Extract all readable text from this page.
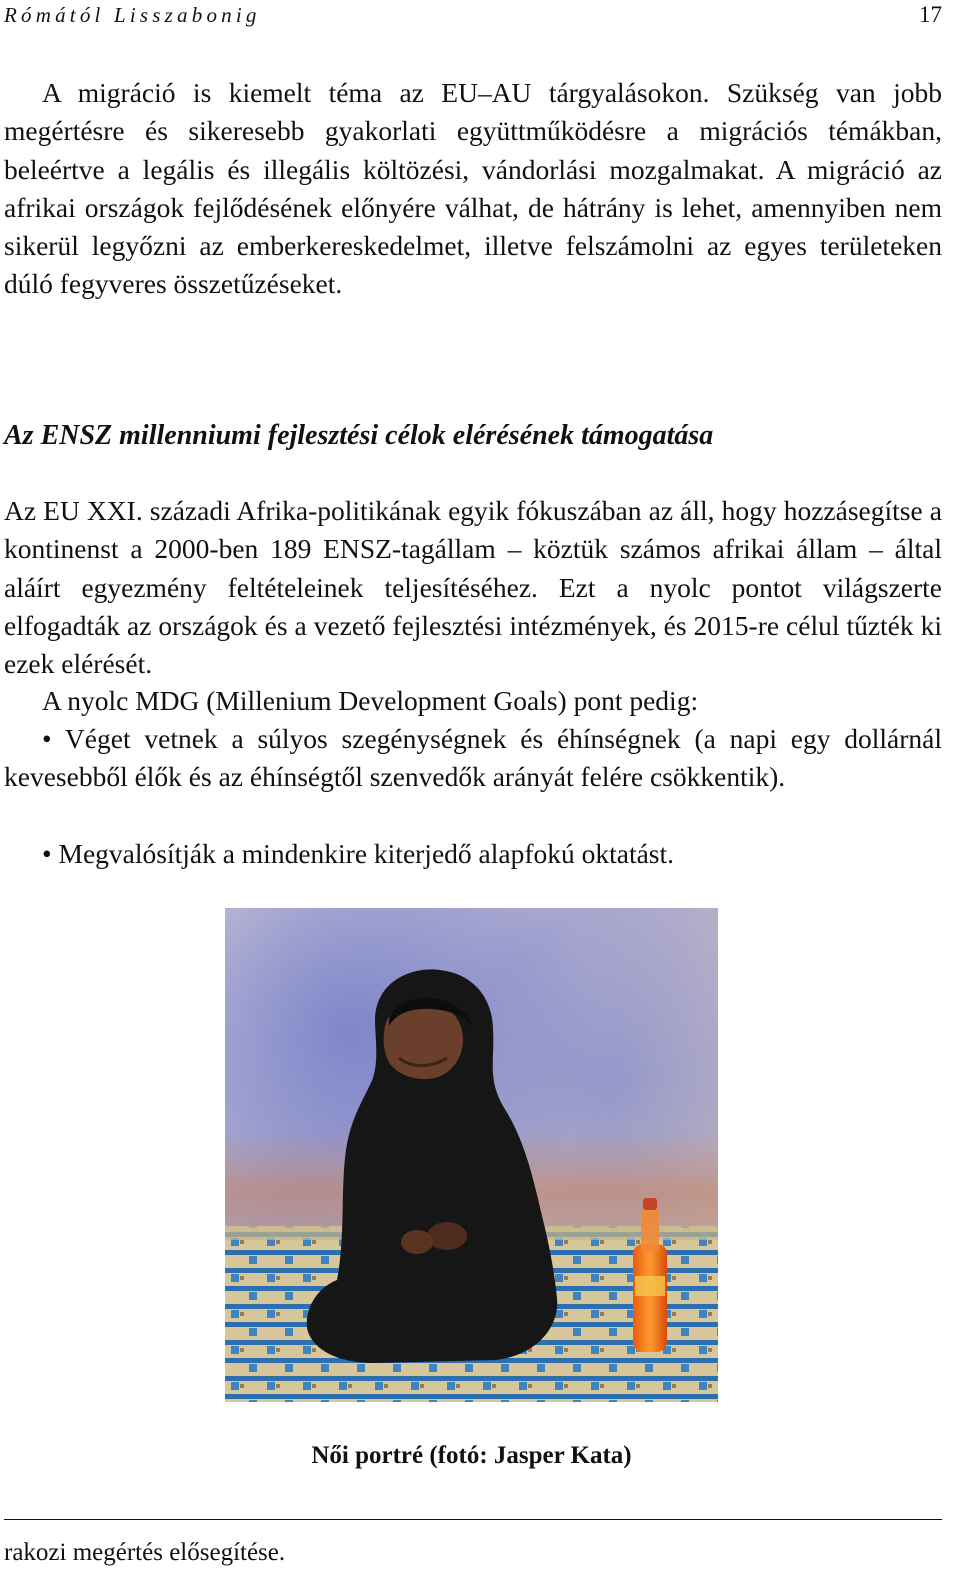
Rómától Lisszabonig	17

A migráció is kiemelt téma az EU–AU tárgyalásokon. Szükség van jobb megértésre és sikeresebb gyakorlati együttműködésre a migrációs témákban, beleértve a legális és illegális költözési, vándorlási mozgalmakat. A migráció az afrikai országok fejlődésének előnyére válhat, de hátrány is lehet, amennyiben nem sikerül legyőzni az emberkereskedelmet, illetve felszámolni az egyes területeken dúló fegyveres összetűzéseket.

Az ENSZ millenniumi fejlesztési célok elérésének támogatása

Az EU XXI. századi Afrika-politikának egyik fókuszában az áll, hogy hozzásegítse a kontinenst a 2000-ben 189 ENSZ-tagállam – köztük számos afrikai állam – által aláírt egyezmény feltételeinek teljesítéséhez. Ezt a nyolc pontot világszerte elfogadták az országok és a vezető fejlesztési intézmények, és 2015-re célul tűzték ki ezek elérését.

A nyolc MDG (Millenium Development Goals) pont pedig:

• Véget vetnek a súlyos szegénységnek és éhínségnek (a napi egy dollárnál kevesebből élők és az éhínségtől szenvedők arányát felére csökkentik).

• Megvalósítják a mindenkire kiterjedő alapfokú oktatást.

Női portré (fotó: Jasper Kata)
rakozi megértés elősegítése.
